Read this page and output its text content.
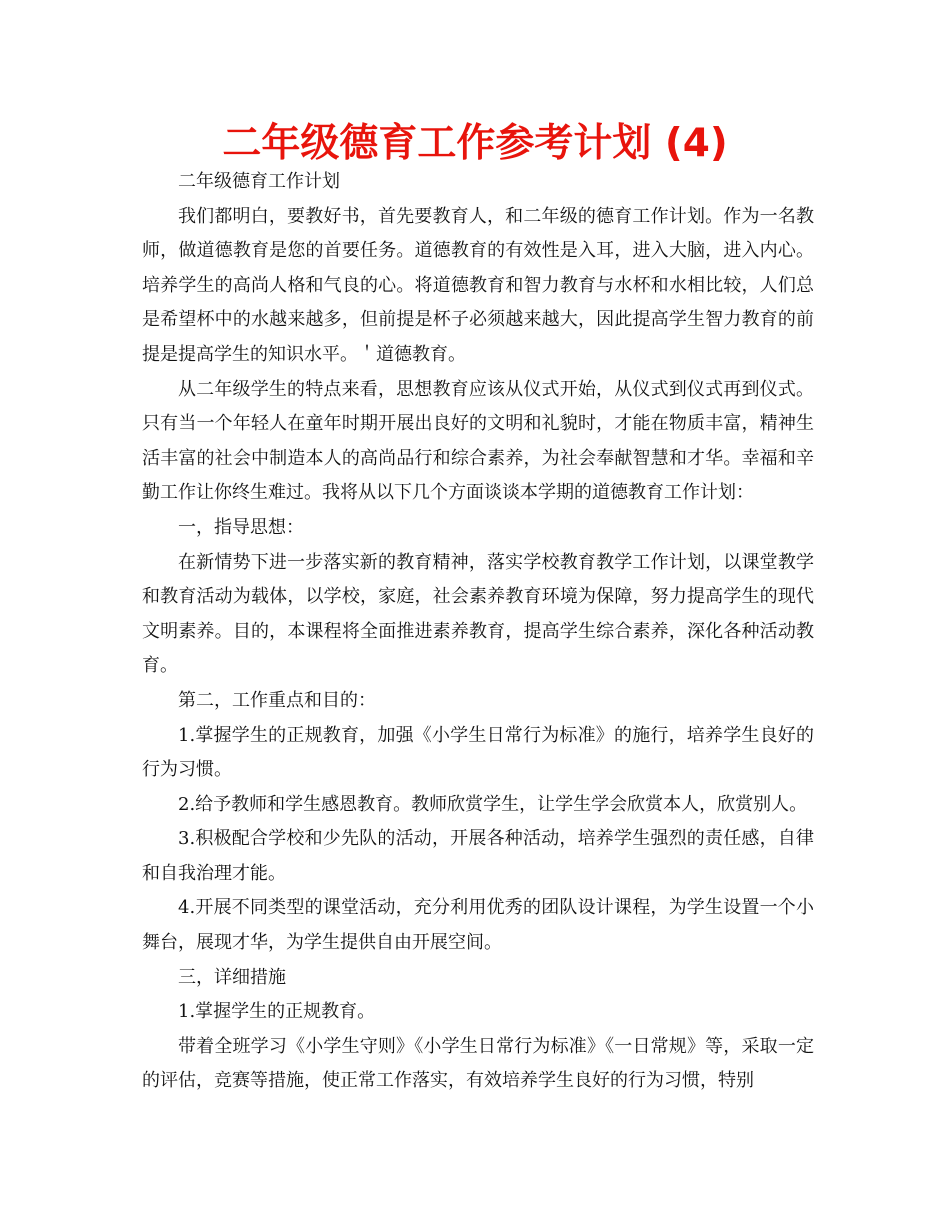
二年级德育工作参考计划 (4)

二年级德育工作计划

我们都明白，要教好书，首先要教育人，和二年级的德育工作计划。作为一名教师，做道德教育是您的首要任务。道德教育的有效性是入耳，进入大脑，进入内心。培养学生的高尚人格和气良的心。将道德教育和智力教育与水杯和水相比较，人们总是希望杯中的水越来越多，但前提是杯子必须越来越大，因此提高学生智力教育的前提是提高学生的知识水平。＇道德教育。

从二年级学生的特点来看，思想教育应该从仪式开始，从仪式到仪式再到仪式。只有当一个年轻人在童年时期开展出良好的文明和礼貌时，才能在物质丰富，精神生活丰富的社会中制造本人的高尚品行和综合素养，为社会奉献智慧和才华。幸福和辛勤工作让你终生难过。我将从以下几个方面谈谈本学期的道德教育工作计划：

一，指导思想：

在新情势下进一步落实新的教育精神，落实学校教育教学工作计划，以课堂教学和教育活动为载体，以学校，家庭，社会素养教育环境为保障，努力提高学生的现代文明素养。目的，本课程将全面推进素养教育，提高学生综合素养，深化各种活动教育。

第二，工作重点和目的：

1.掌握学生的正规教育，加强《小学生日常行为标准》的施行，培养学生良好的行为习惯。

2.给予教师和学生感恩教育。教师欣赏学生，让学生学会欣赏本人，欣赏别人。

3.积极配合学校和少先队的活动，开展各种活动，培养学生强烈的责任感，自律和自我治理才能。

4.开展不同类型的课堂活动，充分利用优秀的团队设计课程，为学生设置一个小舞台，展现才华，为学生提供自由开展空间。

三，详细措施

1.掌握学生的正规教育。

带着全班学习《小学生守则》《小学生日常行为标准》《一日常规》等，采取一定的评估，竞赛等措施，使正常工作落实，有效培养学生良好的行为习惯，特别
